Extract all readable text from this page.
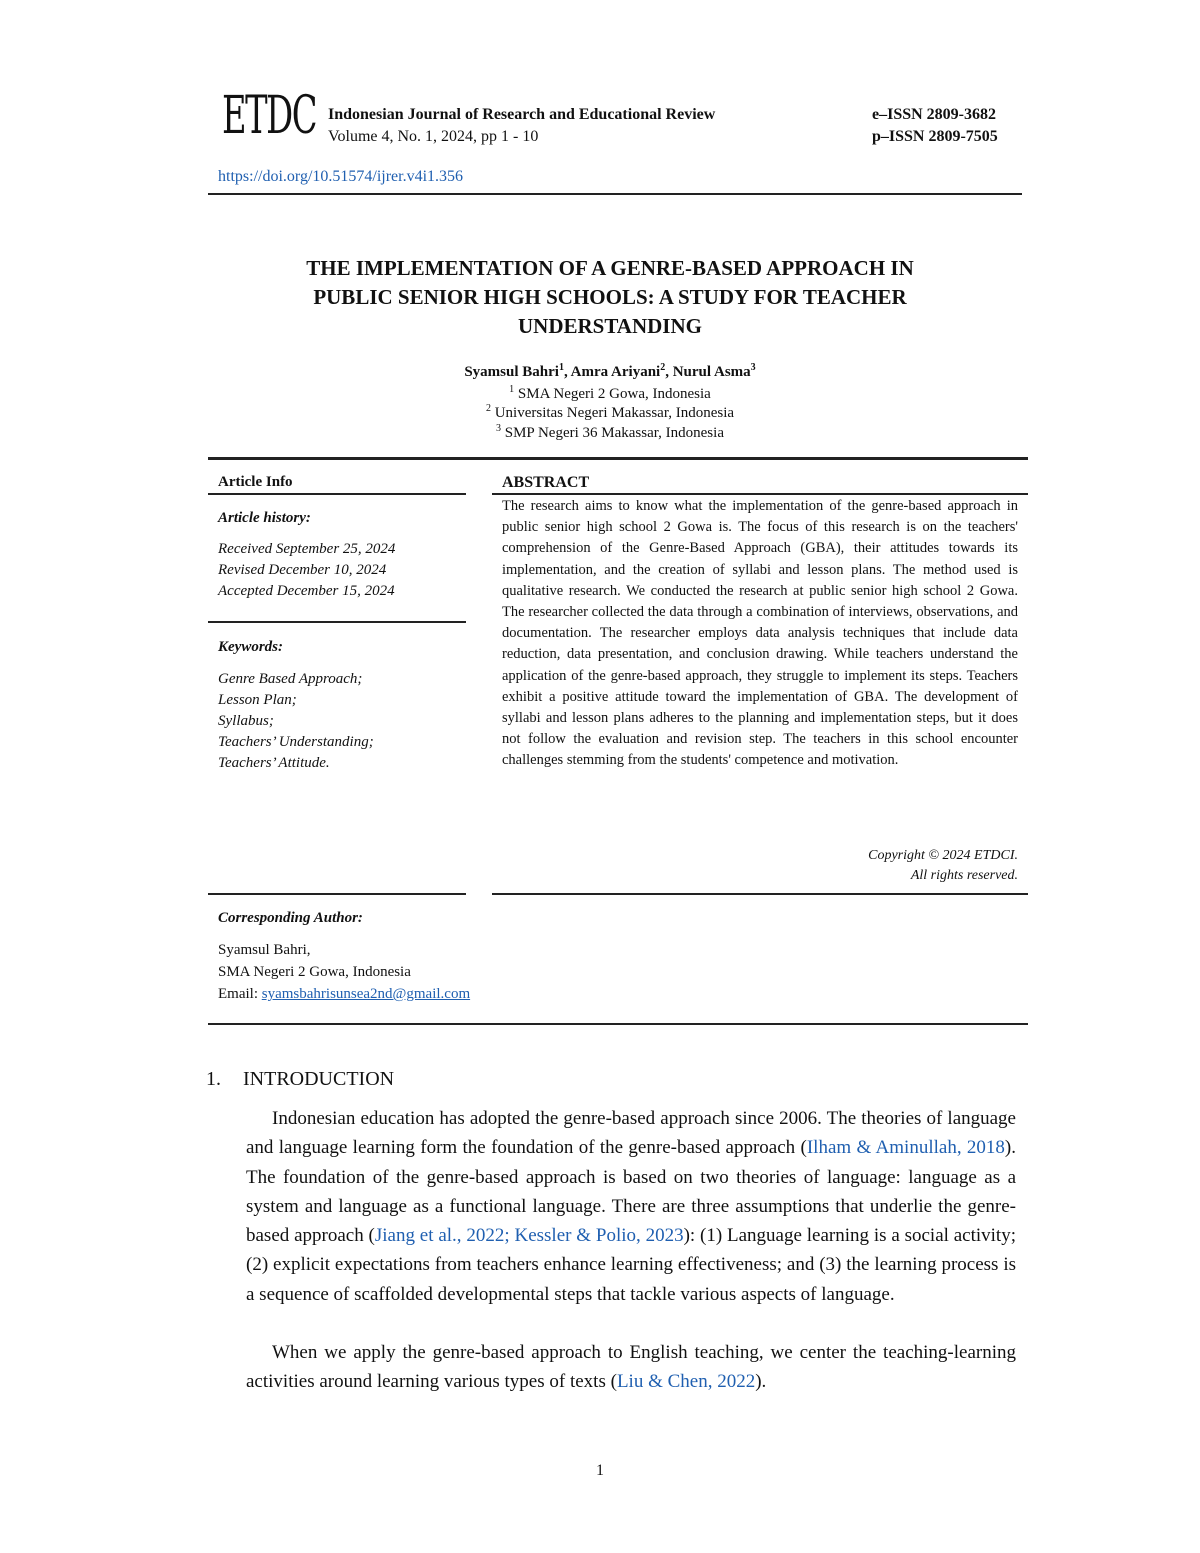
ETDC Indonesian Journal of Research and Educational Review
Volume 4, No. 1, 2024, pp 1 - 10
e–ISSN 2809-3682
p–ISSN 2809-7505
https://doi.org/10.51574/ijrer.v4i1.356
THE IMPLEMENTATION OF A GENRE-BASED APPROACH IN
PUBLIC SENIOR HIGH SCHOOLS: A STUDY FOR TEACHER
UNDERSTANDING
Syamsul Bahri$^1$, Amra Ariyani$^2$, Nurul Asma$^3$
$^1$ SMA Negeri 2 Gowa, Indonesia
$^2$ Universitas Negeri Makassar, Indonesia
$^3$ SMP Negeri 36 Makassar, Indonesia
Article Info
Article history:
Received September 25, 2024
Revised December 10, 2024
Accepted December 15, 2024
Keywords:
Genre Based Approach;
Lesson Plan;
Syllabus;
Teachers’ Understanding;
Teachers’ Attitude.
ABSTRACT
The research aims to know what the implementation of the genre-based approach in public senior high school 2 Gowa is. The focus of this research is on the teachers' comprehension of the Genre-Based Approach (GBA), their attitudes towards its implementation, and the creation of syllabi and lesson plans. The method used is qualitative research. We conducted the research at public senior high school 2 Gowa. The researcher collected the data through a combination of interviews, observations, and documentation. The researcher employs data analysis techniques that include data reduction, data presentation, and conclusion drawing. While teachers understand the application of the genre-based approach, they struggle to implement its steps. Teachers exhibit a positive attitude toward the implementation of GBA. The development of syllabi and lesson plans adheres to the planning and implementation steps, but it does not follow the evaluation and revision step. The teachers in this school encounter challenges stemming from the students' competence and motivation.
Copyright © 2024 ETDCI.
All rights reserved.
Corresponding Author:
Syamsul Bahri,
SMA Negeri 2 Gowa, Indonesia
Email: syamsbahrisunsea2nd@gmail.com
1. INTRODUCTION
Indonesian education has adopted the genre-based approach since 2006. The theories of language and language learning form the foundation of the genre-based approach (Ilham & Aminullah, 2018). The foundation of the genre-based approach is based on two theories of language: language as a system and language as a functional language. There are three assumptions that underlie the genre-based approach (Jiang et al., 2022; Kessler & Polio, 2023): (1) Language learning is a social activity; (2) explicit expectations from teachers enhance learning effectiveness; and (3) the learning process is a sequence of scaffolded developmental steps that tackle various aspects of language.
When we apply the genre-based approach to English teaching, we center the teaching-learning activities around learning various types of texts (Liu & Chen, 2022).
1
